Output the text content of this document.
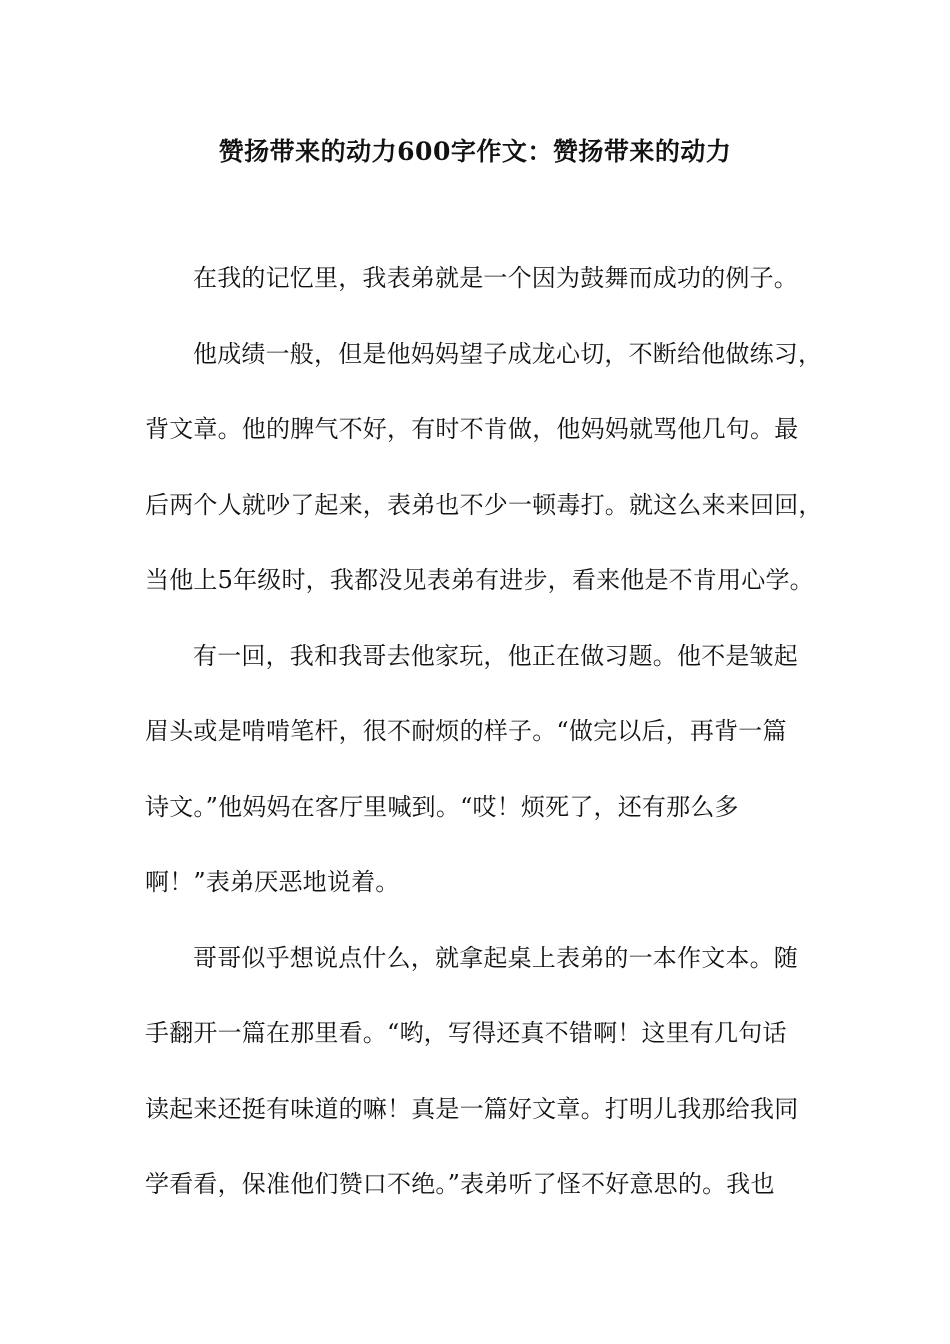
赞扬带来的动力600字作文：赞扬带来的动力
在我的记忆里，我表弟就是一个因为鼓舞而成功的例子。
他成绩一般，但是他妈妈望子成龙心切，不断给他做练习，
背文章。他的脾气不好，有时不肯做，他妈妈就骂他几句。最
后两个人就吵了起来，表弟也不少一顿毒打。就这么来来回回，
当他上5年级时，我都没见表弟有进步，看来他是不肯用心学。
有一回，我和我哥去他家玩，他正在做习题。他不是皱起
眉头或是啃啃笔杆，很不耐烦的样子。“做完以后，再背一篇
诗文。”他妈妈在客厅里喊到。“哎！烦死了，还有那么多
啊！”表弟厌恶地说着。
哥哥似乎想说点什么，就拿起桌上表弟的一本作文本。随
手翻开一篇在那里看。“哟，写得还真不错啊！这里有几句话
读起来还挺有味道的嘛！真是一篇好文章。打明儿我那给我同
学看看，保准他们赞口不绝。”表弟听了怪不好意思的。我也
